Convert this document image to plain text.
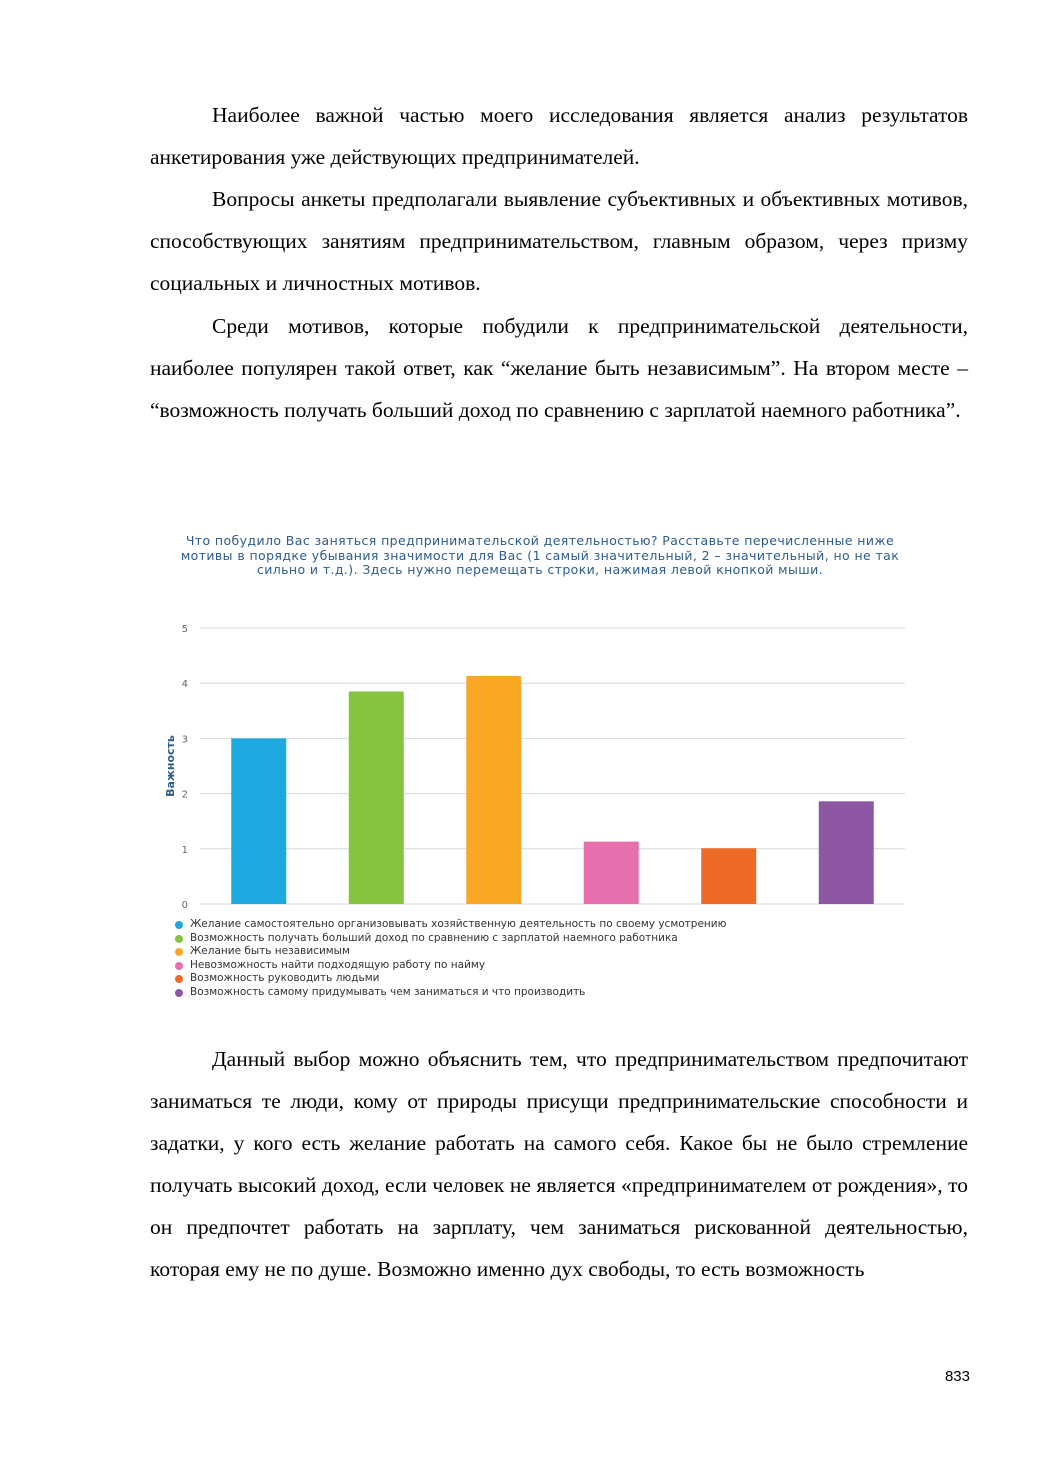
Наиболее важной частью моего исследования является анализ результатов анкетирования уже действующих предпринимателей.

Вопросы анкеты предполагали выявление субъективных и объективных мотивов, способствующих занятиям предпринимательством, главным образом, через призму социальных и личностных мотивов.

Среди мотивов, которые побудили к предпринимательской деятельности, наиболее популярен такой ответ, как “желание быть независимым”. На втором месте – “возможность получать больший доход по сравнению с зарплатой наемного работника”.

Что побудило Вас заняться предпринимательской деятельностью? Расставьте перечисленные ниже мотивы в порядке убывания значимости для Вас (1 самый значительный, 2 – значительный, но не так сильно и т.д.). Здесь нужно перемещать строки, нажимая левой кнопкой мыши.
0
1
2
3
4
5
Важность
Желание самостоятельно организовывать хозяйственную деятельность по своему усмотрению
Возможность получать больший доход по сравнению с зарплатой наемного работника
Желание быть независимым
Невозможность найти подходящую работу по найму
Возможность руководить людьми
Возможность самому придумывать чем заниматься и что производить

Данный выбор можно объяснить тем, что предпринимательством предпочитают заниматься те люди, кому от природы присущи предпринимательские способности и задатки, у кого есть желание работать на самого себя. Какое бы не было стремление получать высокий доход, если человек не является «предпринимателем от рождения», то он предпочтет работать на зарплату, чем заниматься рискованной деятельностью, которая ему не по душе. Возможно именно дух свободы, то есть возможность

833
